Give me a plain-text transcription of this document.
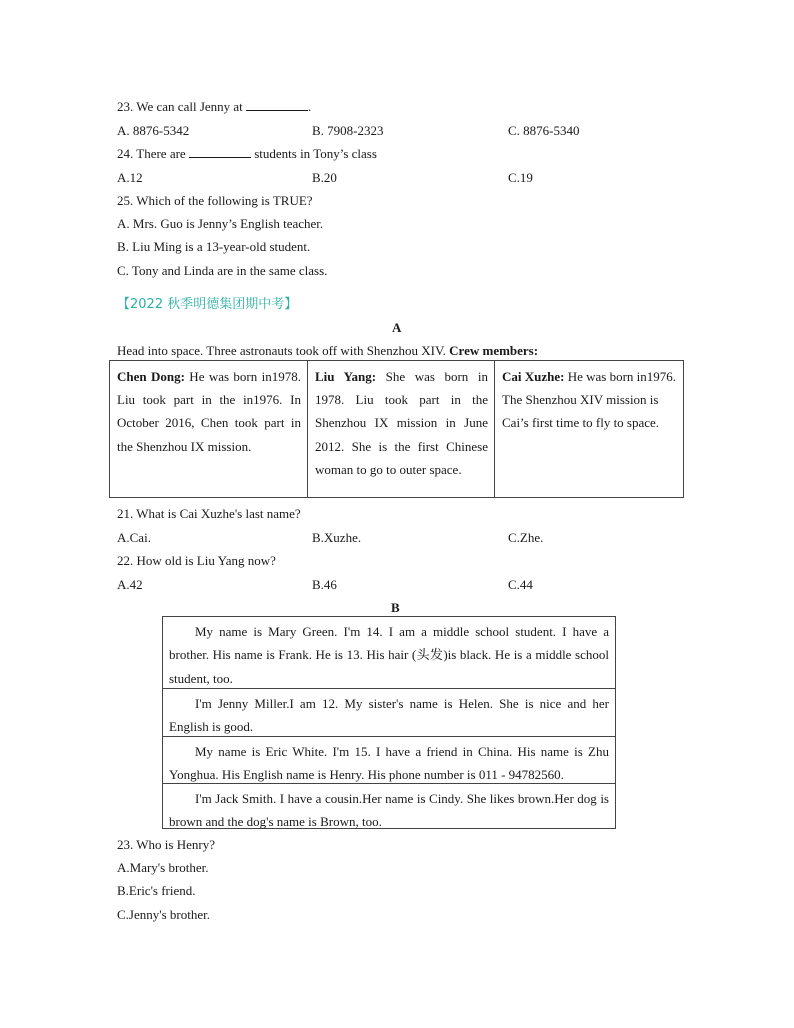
23. We can call Jenny at	.
A. 8876-5342	B. 7908-2323	C. 8876-5340
24. There are	students in Tony’s class
A.12	B.20	C.19
25. Which of the following is TRUE?
A. Mrs. Guo is Jenny’s English teacher.
B. Liu Ming is a 13-year-old student.
C. Tony and Linda are in the same class.
【2022 秋季明德集团期中考】
A
Head into space. Three astronauts took off with Shenzhou XIV. Crew members:
Chen Dong: He was born in1978. Liu took part in the in1976. In October 2016, Chen took part in the Shenzhou IX mission.
Liu Yang: She was born in 1978. Liu took part in the Shenzhou IX mission in June 2012. She is the first Chinese woman to go to outer space.
Cai Xuzhe: He was born in1976. The Shenzhou XIV mission is Cai’s first time to fly to space.
21. What is Cai Xuzhe's last name?
A.Cai.	B.Xuzhe.	C.Zhe.
22. How old is Liu Yang now?
A.42	B.46	C.44
B
My name is Mary Green. I'm 14. I am a middle school student. I have a brother. His name is Frank. He is 13. His hair (头发)is black. He is a middle school student, too.
I'm Jenny Miller.I am 12. My sister's name is Helen. She is nice and her English is good.
My name is Eric White. I'm 15. I have a friend in China. His name is Zhu Yonghua. His English name is Henry. His phone number is 011 - 94782560.
I'm Jack Smith. I have a cousin.Her name is Cindy. She likes brown.Her dog is brown and the dog's name is Brown, too.
23. Who is Henry?
A.Mary's brother.
B.Eric's friend.
C.Jenny's brother.
